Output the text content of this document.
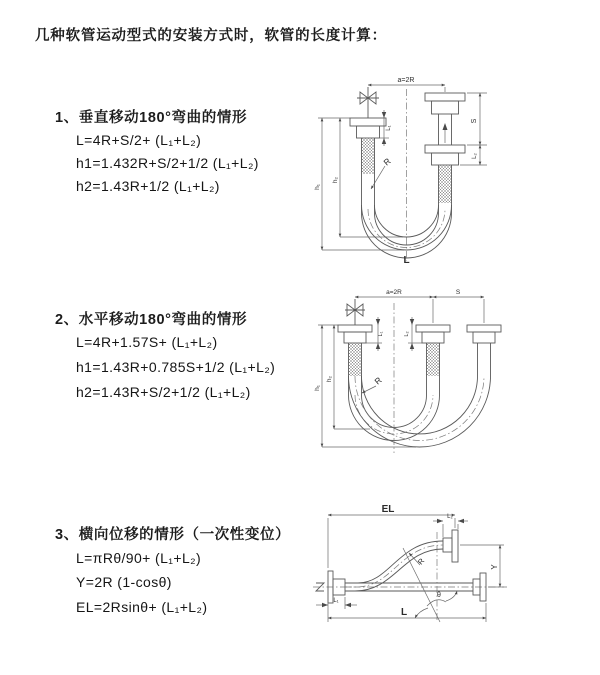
几种软管运动型式的安装方式时，软管的长度计算：
1、垂直移动180°弯曲的情形
L=4R+S/2+ (L₁+L₂)
h1=1.432R+S/2+1/2 (L₁+L₂)
h2=1.43R+1/2 (L₁+L₂)
2、水平移动180°弯曲的情形
L=4R+1.57S+ (L₁+L₂)
h1=1.43R+0.785S+1/2 (L₁+L₂)
h2=1.43R+S/2+1/2 (L₁+L₂)
3、横向位移的情形（一次性变位）
L=πRθ/90+ (L₁+L₂)
Y=2R (1-cosθ)
EL=2Rsinθ+ (L₁+L₂)
a=2R
h₁
h₂
L₁
S
L₂
R
L
a=2R	S
h₁
h₂
L₁	L₂
R
EL
L₂
Y
L₁
L
R
θ
